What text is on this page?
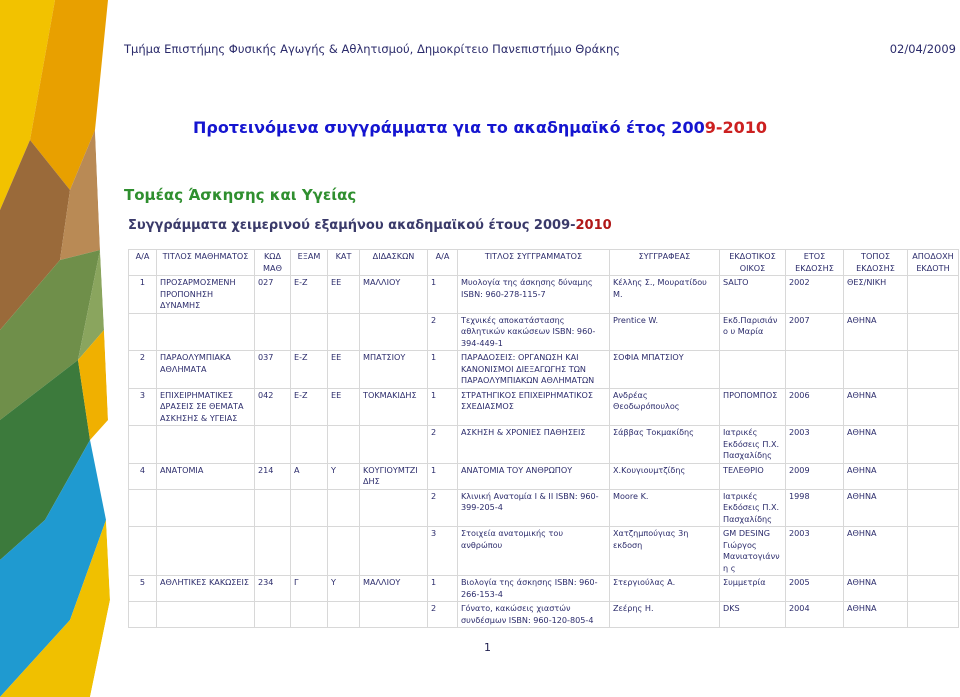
Τμήμα Επιστήμης Φυσικής Αγωγής & Αθλητισμού, Δημοκρίτειο Πανεπιστήμιο Θράκης	02/04/2009
Προτεινόμενα συγγράμματα για το ακαδημαϊκό έτος 2009-2010
Τομέας Άσκησης και Υγείας
Συγγράμματα χειμερινού εξαμήνου ακαδημαϊκού έτους 2009-2010
Α/Α	ΤΙΤΛΟΣ ΜΑΘΗΜΑΤΟΣ	ΚΩΔ ΜΑΘ	ΕΞΑΜ	ΚΑΤ	ΔΙΔΑΣΚΩΝ	Α/Α	ΤΙΤΛΟΣ ΣΥΓΓΡΑΜΜΑΤΟΣ	ΣΥΓΓΡΑΦΕΑΣ	ΕΚΔΟΤΙΚΟΣ ΟΙΚΟΣ	ΕΤΟΣ ΕΚΔΟΣΗΣ	ΤΟΠΟΣ ΕΚΔΟΣΗΣ	ΑΠΟΔΟΧΗ ΕΚΔΟΤΗ
1	ΠΡΟΣΑΡΜΟΣΜΕΝΗ ΠΡΟΠΟΝΗΣΗ ΔΥΝΑΜΗΣ	027	Ε-Ζ	ΕΕ	ΜΑΛΛΙΟΥ	1	Μυολογία της άσκησης δύναμης ISBN: 960-278-115-7	Κέλλης Σ., Μουρατίδου Μ.	SALTO	2002	ΘΕΣ/ΝΙΚΗ	
						2	Τεχνικές αποκατάστασης αθλητικών κακώσεων ISBN: 960-394-449-1	Prentice W.	Εκδ.Παρισιάνο υ Μαρία	2007	ΑΘΗΝΑ	
2	ΠΑΡΑΟΛΥΜΠΙΑΚΑ ΑΘΛΗΜΑΤΑ	037	Ε-Ζ	ΕΕ	ΜΠΑΤΣΙΟΥ	1	ΠΑΡΑΔΟΣΕΙΣ: ΟΡΓΑΝΩΣΗ ΚΑΙ ΚΑΝΟΝΙΣΜΟΙ ΔΙΕΞΑΓΩΓΗΣ ΤΩΝ ΠΑΡΑΟΛΥΜΠΙΑΚΩΝ ΑΘΛΗΜΑΤΩΝ	ΣΟΦΙΑ ΜΠΑΤΣΙΟΥ				
3	ΕΠΙΧΕΙΡΗΜΑΤΙΚΕΣ ΔΡΑΣΕΙΣ ΣΕ ΘΕΜΑΤΑ ΑΣΚΗΣΗΣ & ΥΓΕΙΑΣ	042	Ε-Ζ	ΕΕ	ΤΟΚΜΑΚΙΔΗΣ	1	ΣΤΡΑΤΗΓΙΚΟΣ ΕΠΙΧΕΙΡΗΜΑΤΙΚΟΣ ΣΧΕΔΙΑΣΜΟΣ	Ανδρέας Θεοδωρόπουλος	ΠΡΟΠΟΜΠΟΣ	2006	ΑΘΗΝΑ	
						2	ΑΣΚΗΣΗ & ΧΡΟΝΙΕΣ ΠΑΘΗΣΕΙΣ	Σάββας Τοκμακίδης	Ιατρικές Εκδόσεις Π.Χ. Πασχαλίδης	2003	ΑΘΗΝΑ	
4	ΑΝΑΤΟΜΙΑ	214	Α	Υ	ΚΟΥΓΙΟΥΜΤΖΙ ΔΗΣ	1	ΑΝΑΤΟΜΙΑ ΤΟΥ ΑΝΘΡΩΠΟΥ	Χ.Κουγιουμτζίδης	ΤΕΛΕΘΡΙΟ	2009	ΑΘΗΝΑ	
						2	Κλινική Ανατομία Ι & ΙΙ ISBN: 960-399-205-4	Moore K.	Ιατρικές Εκδόσεις Π.Χ. Πασχαλίδης	1998	ΑΘΗΝΑ	
						3	Στοιχεία ανατομικής του ανθρώπου	Χατζημπούγιας 3η εκδοση	GM DESING Γιώργος Μανιατογιάννη ς	2003	ΑΘΗΝΑ	
5	ΑΘΛΗΤΙΚΕΣ ΚΑΚΩΣΕΙΣ	234	Γ	Υ	ΜΑΛΛΙΟΥ	1	Βιολογία της άσκησης ISBN: 960-266-153-4	Στεργιούλας Α.	Συμμετρία	2005	ΑΘΗΝΑ	
						2	Γόνατο, κακώσεις χιαστών συνδέσμων ISBN: 960-120-805-4	Ζεέρης Η.	DKS	2004	ΑΘΗΝΑ	
1
